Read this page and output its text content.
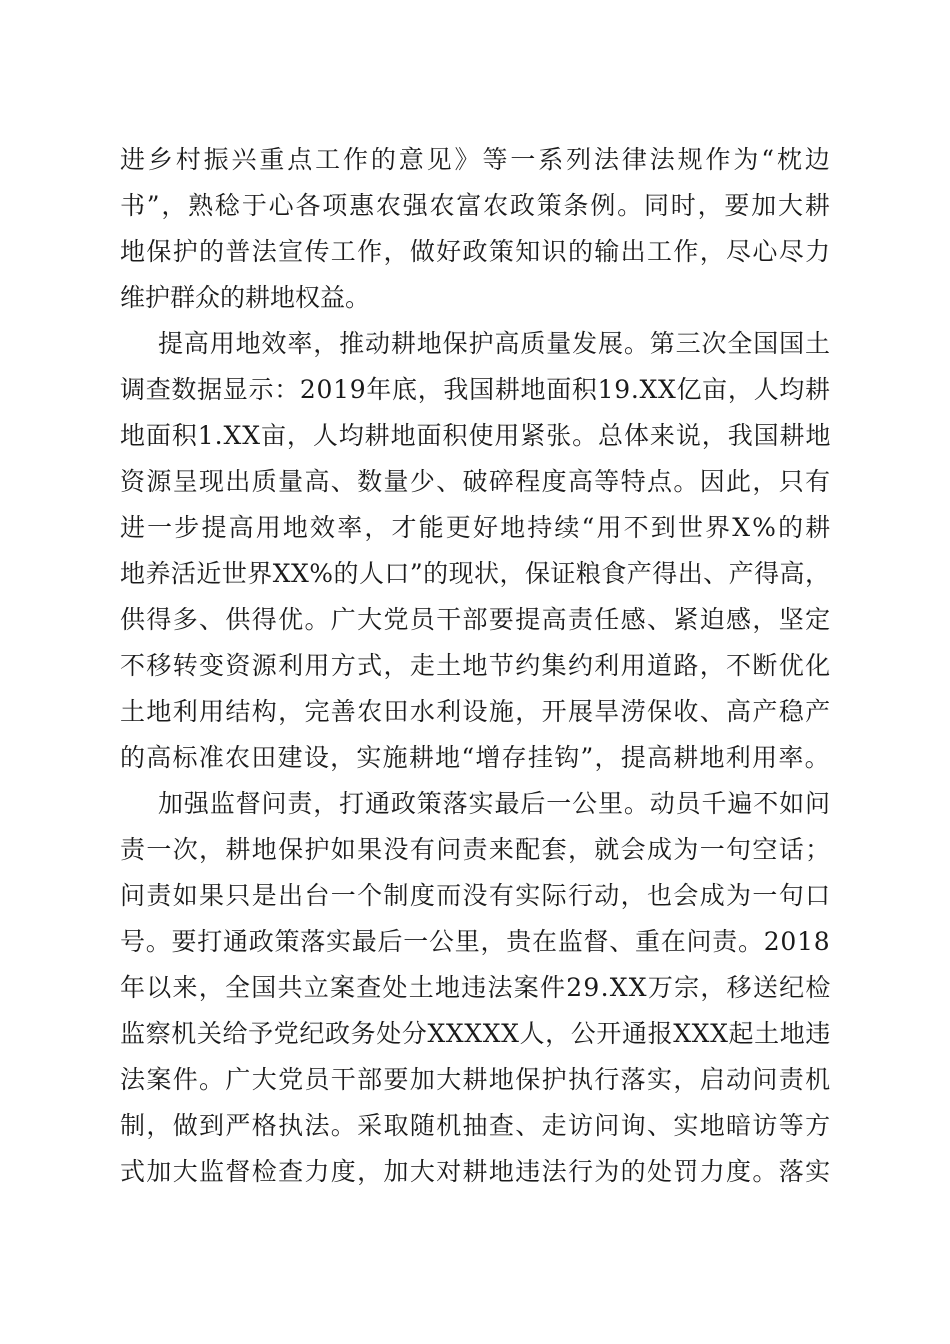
进乡村振兴重点工作的意见》等一系列法律法规作为“枕边
书”，熟稔于心各项惠农强农富农政策条例。同时，要加大耕
地保护的普法宣传工作，做好政策知识的输出工作，尽心尽力
维护群众的耕地权益。
提高用地效率，推动耕地保护高质量发展。第三次全国国土
调查数据显示：2019年底，我国耕地面积19.XX亿亩，人均耕
地面积1.XX亩，人均耕地面积使用紧张。总体来说，我国耕地
资源呈现出质量高、数量少、破碎程度高等特点。因此，只有
进一步提高用地效率，才能更好地持续“用不到世界X%的耕
地养活近世界XX%的人口”的现状，保证粮食产得出、产得高，
供得多、供得优。广大党员干部要提高责任感、紧迫感，坚定
不移转变资源利用方式，走土地节约集约利用道路，不断优化
土地利用结构，完善农田水利设施，开展旱涝保收、高产稳产
的高标准农田建设，实施耕地“增存挂钩”，提高耕地利用率。
加强监督问责，打通政策落实最后一公里。动员千遍不如问
责一次，耕地保护如果没有问责来配套，就会成为一句空话；
问责如果只是出台一个制度而没有实际行动，也会成为一句口
号。要打通政策落实最后一公里，贵在监督、重在问责。2018
年以来，全国共立案查处土地违法案件29.XX万宗，移送纪检
监察机关给予党纪政务处分XXXXX人，公开通报XXX起土地违
法案件。广大党员干部要加大耕地保护执行落实，启动问责机
制，做到严格执法。采取随机抽查、走访问询、实地暗访等方
式加大监督检查力度，加大对耕地违法行为的处罚力度。落实
